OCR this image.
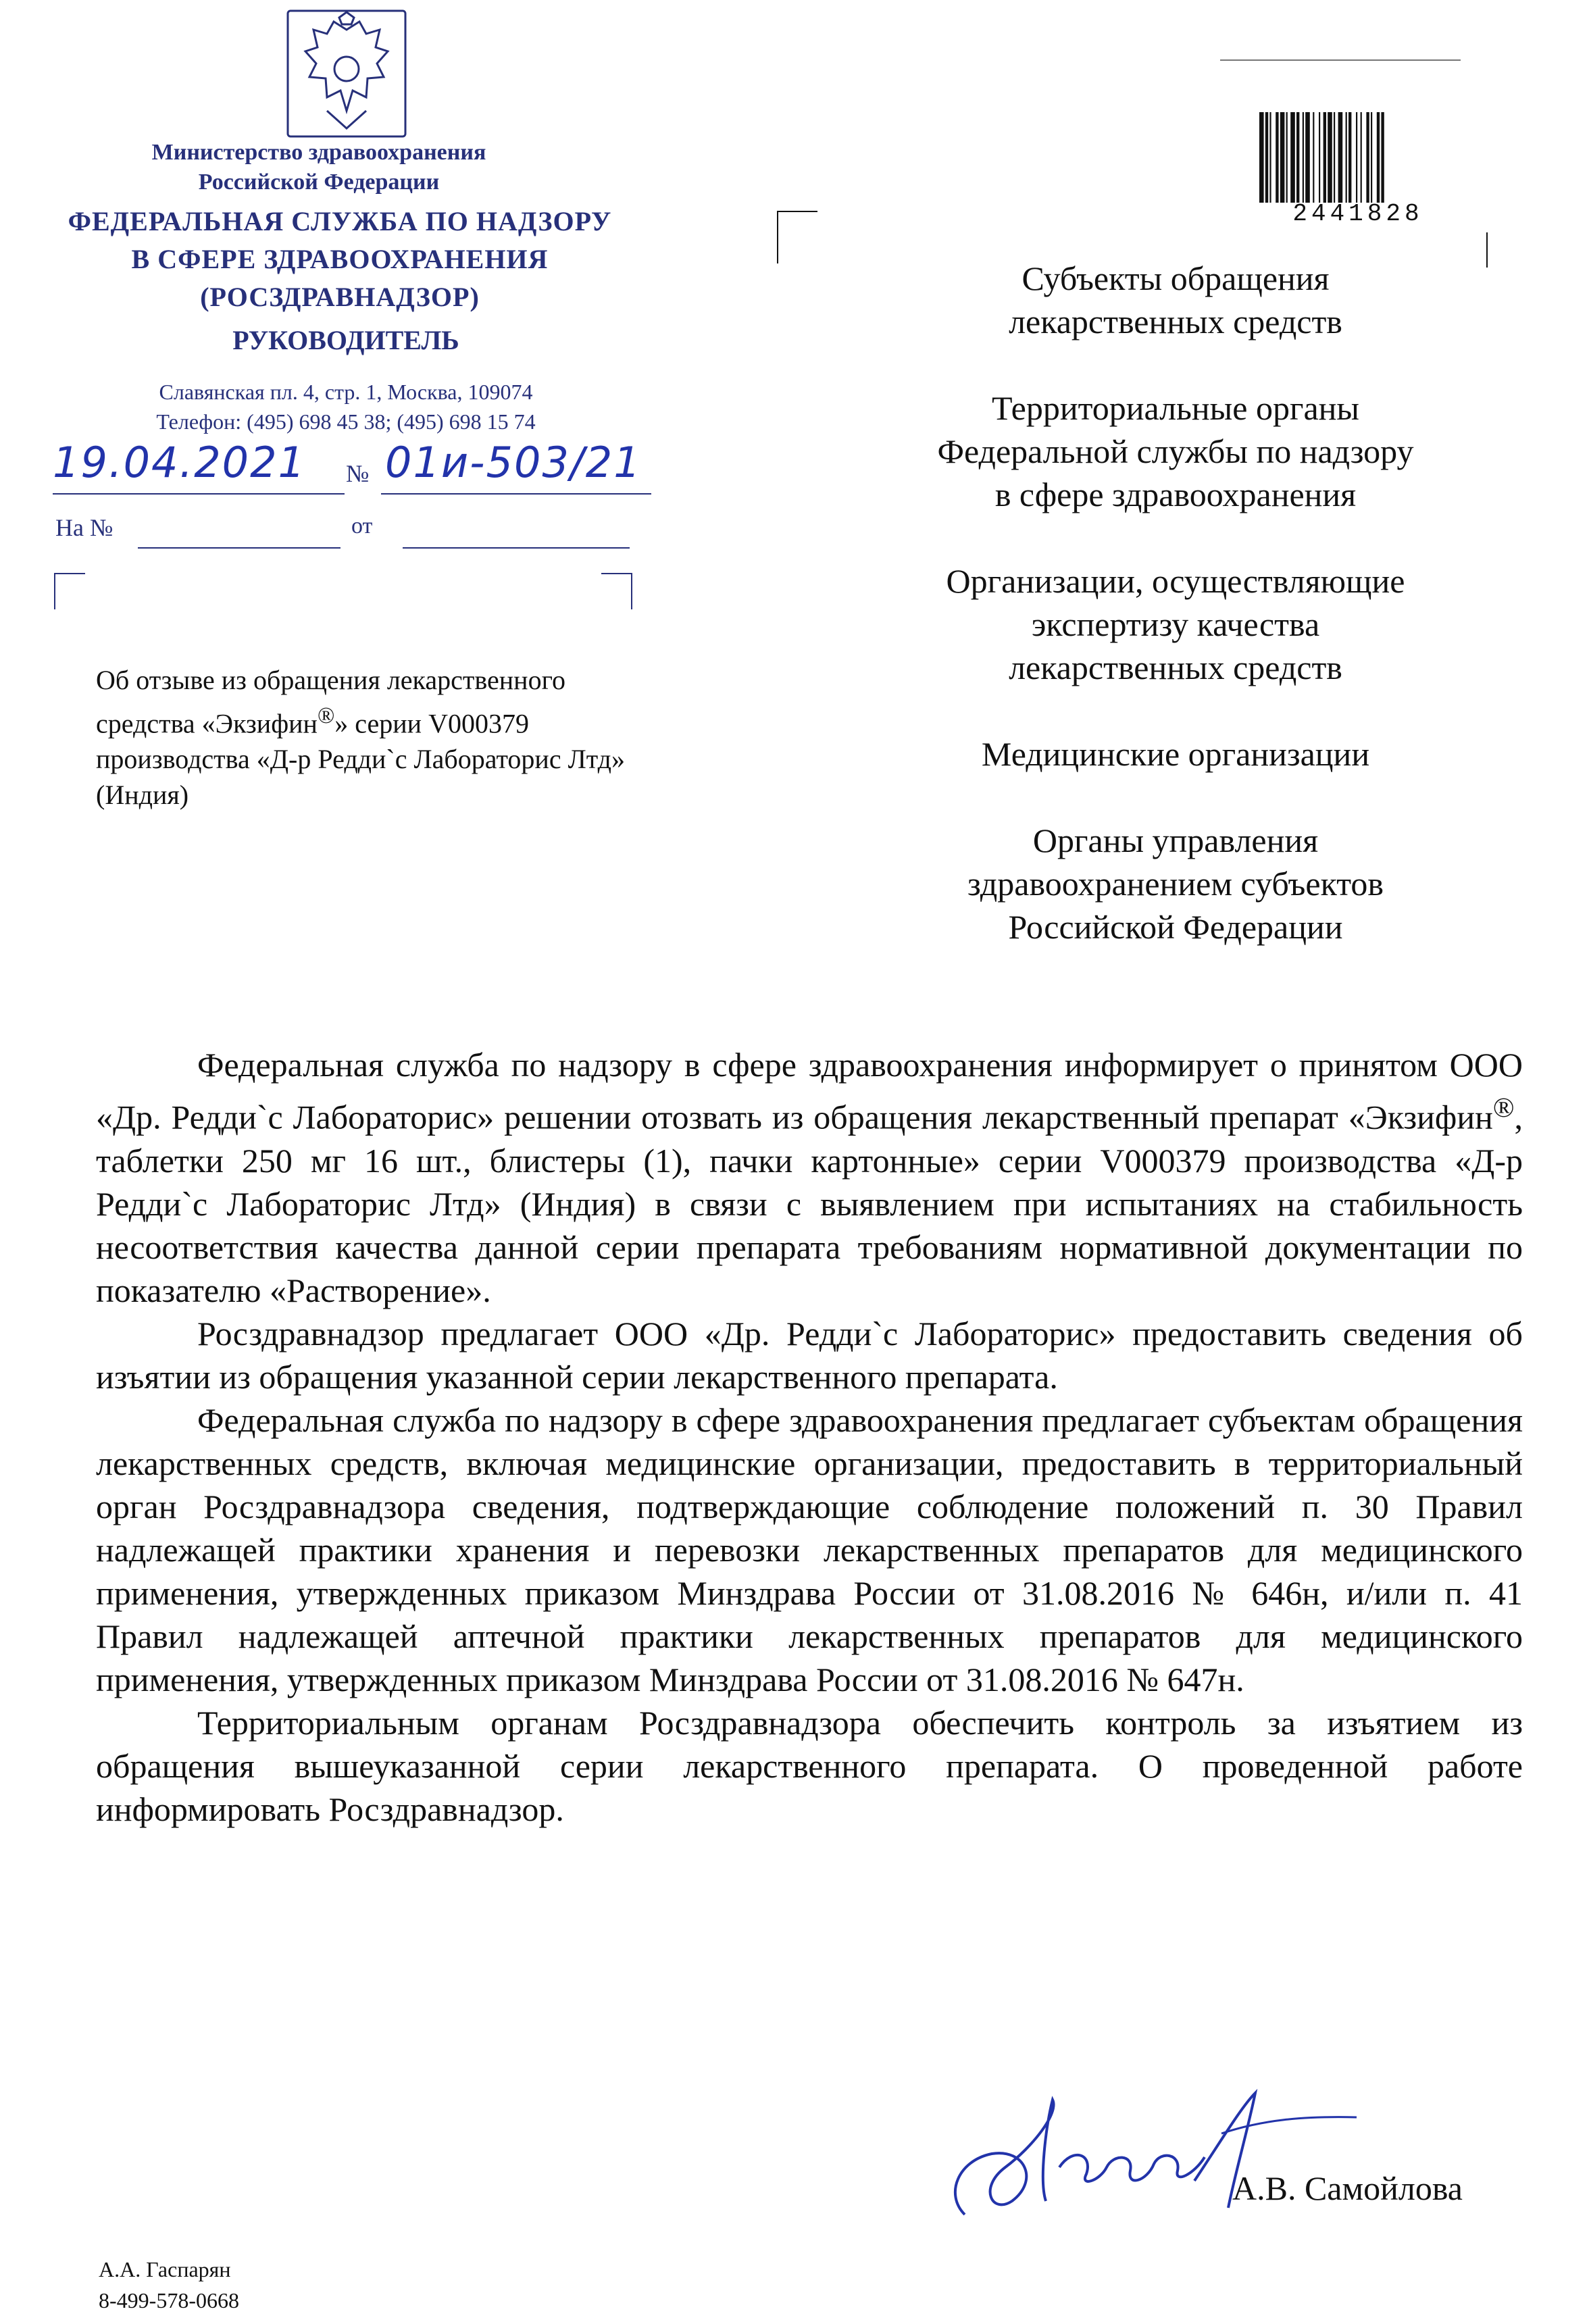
Министерство здравоохранения
Российской Федерации
ФЕДЕРАЛЬНАЯ СЛУЖБА ПО НАДЗОРУ
В СФЕРЕ ЗДРАВООХРАНЕНИЯ
(РОСЗДРАВНАДЗОР)
РУКОВОДИТЕЛЬ
Славянская пл. 4, стр. 1, Москва, 109074
Телефон: (495) 698 45 38; (495) 698 15 74
19.04.2021 № 01и-503/21
На №	от
Об отзыве из обращения лекарственного
средства «Экзифин®» серии V000379
производства «Д-р Редди`с Лабораторис Лтд»
(Индия)
2441828
Субъекты обращения
лекарственных средств
Территориальные органы
Федеральной службы по надзору
в сфере здравоохранения
Организации, осуществляющие
экспертизу качества
лекарственных средств
Медицинские организации
Органы управления
здравоохранением субъектов
Российской Федерации

Федеральная служба по надзору в сфере здравоохранения информирует о принятом ООО «Др. Редди`с Лабораторис» решении отозвать из обращения лекарственный препарат «Экзифин®, таблетки 250 мг 16 шт., блистеры (1), пачки картонные» серии V000379 производства «Д-р Редди`с Лабораторис Лтд» (Индия) в связи с выявлением при испытаниях на стабильность несоответствия качества данной серии препарата требованиям нормативной документации по показателю «Растворение».

Росздравнадзор предлагает ООО «Др. Редди`с Лабораторис» предоставить сведения об изъятии из обращения указанной серии лекарственного препарата.

Федеральная служба по надзору в сфере здравоохранения предлагает субъектам обращения лекарственных средств, включая медицинские организации, предоставить в территориальный орган Росздравнадзора сведения, подтверждающие соблюдение положений п. 30 Правил надлежащей практики хранения и перевозки лекарственных препаратов для медицинского применения, утвержденных приказом Минздрава России от 31.08.2016 № 646н, и/или п. 41 Правил надлежащей аптечной практики лекарственных препаратов для медицинского применения, утвержденных приказом Минздрава России от 31.08.2016 № 647н.

Территориальным органам Росздравнадзора обеспечить контроль за изъятием из обращения вышеуказанной серии лекарственного препарата. О проведенной работе информировать Росздравнадзор.

А.В. Самойлова
А.А. Гаспарян
8-499-578-0668
